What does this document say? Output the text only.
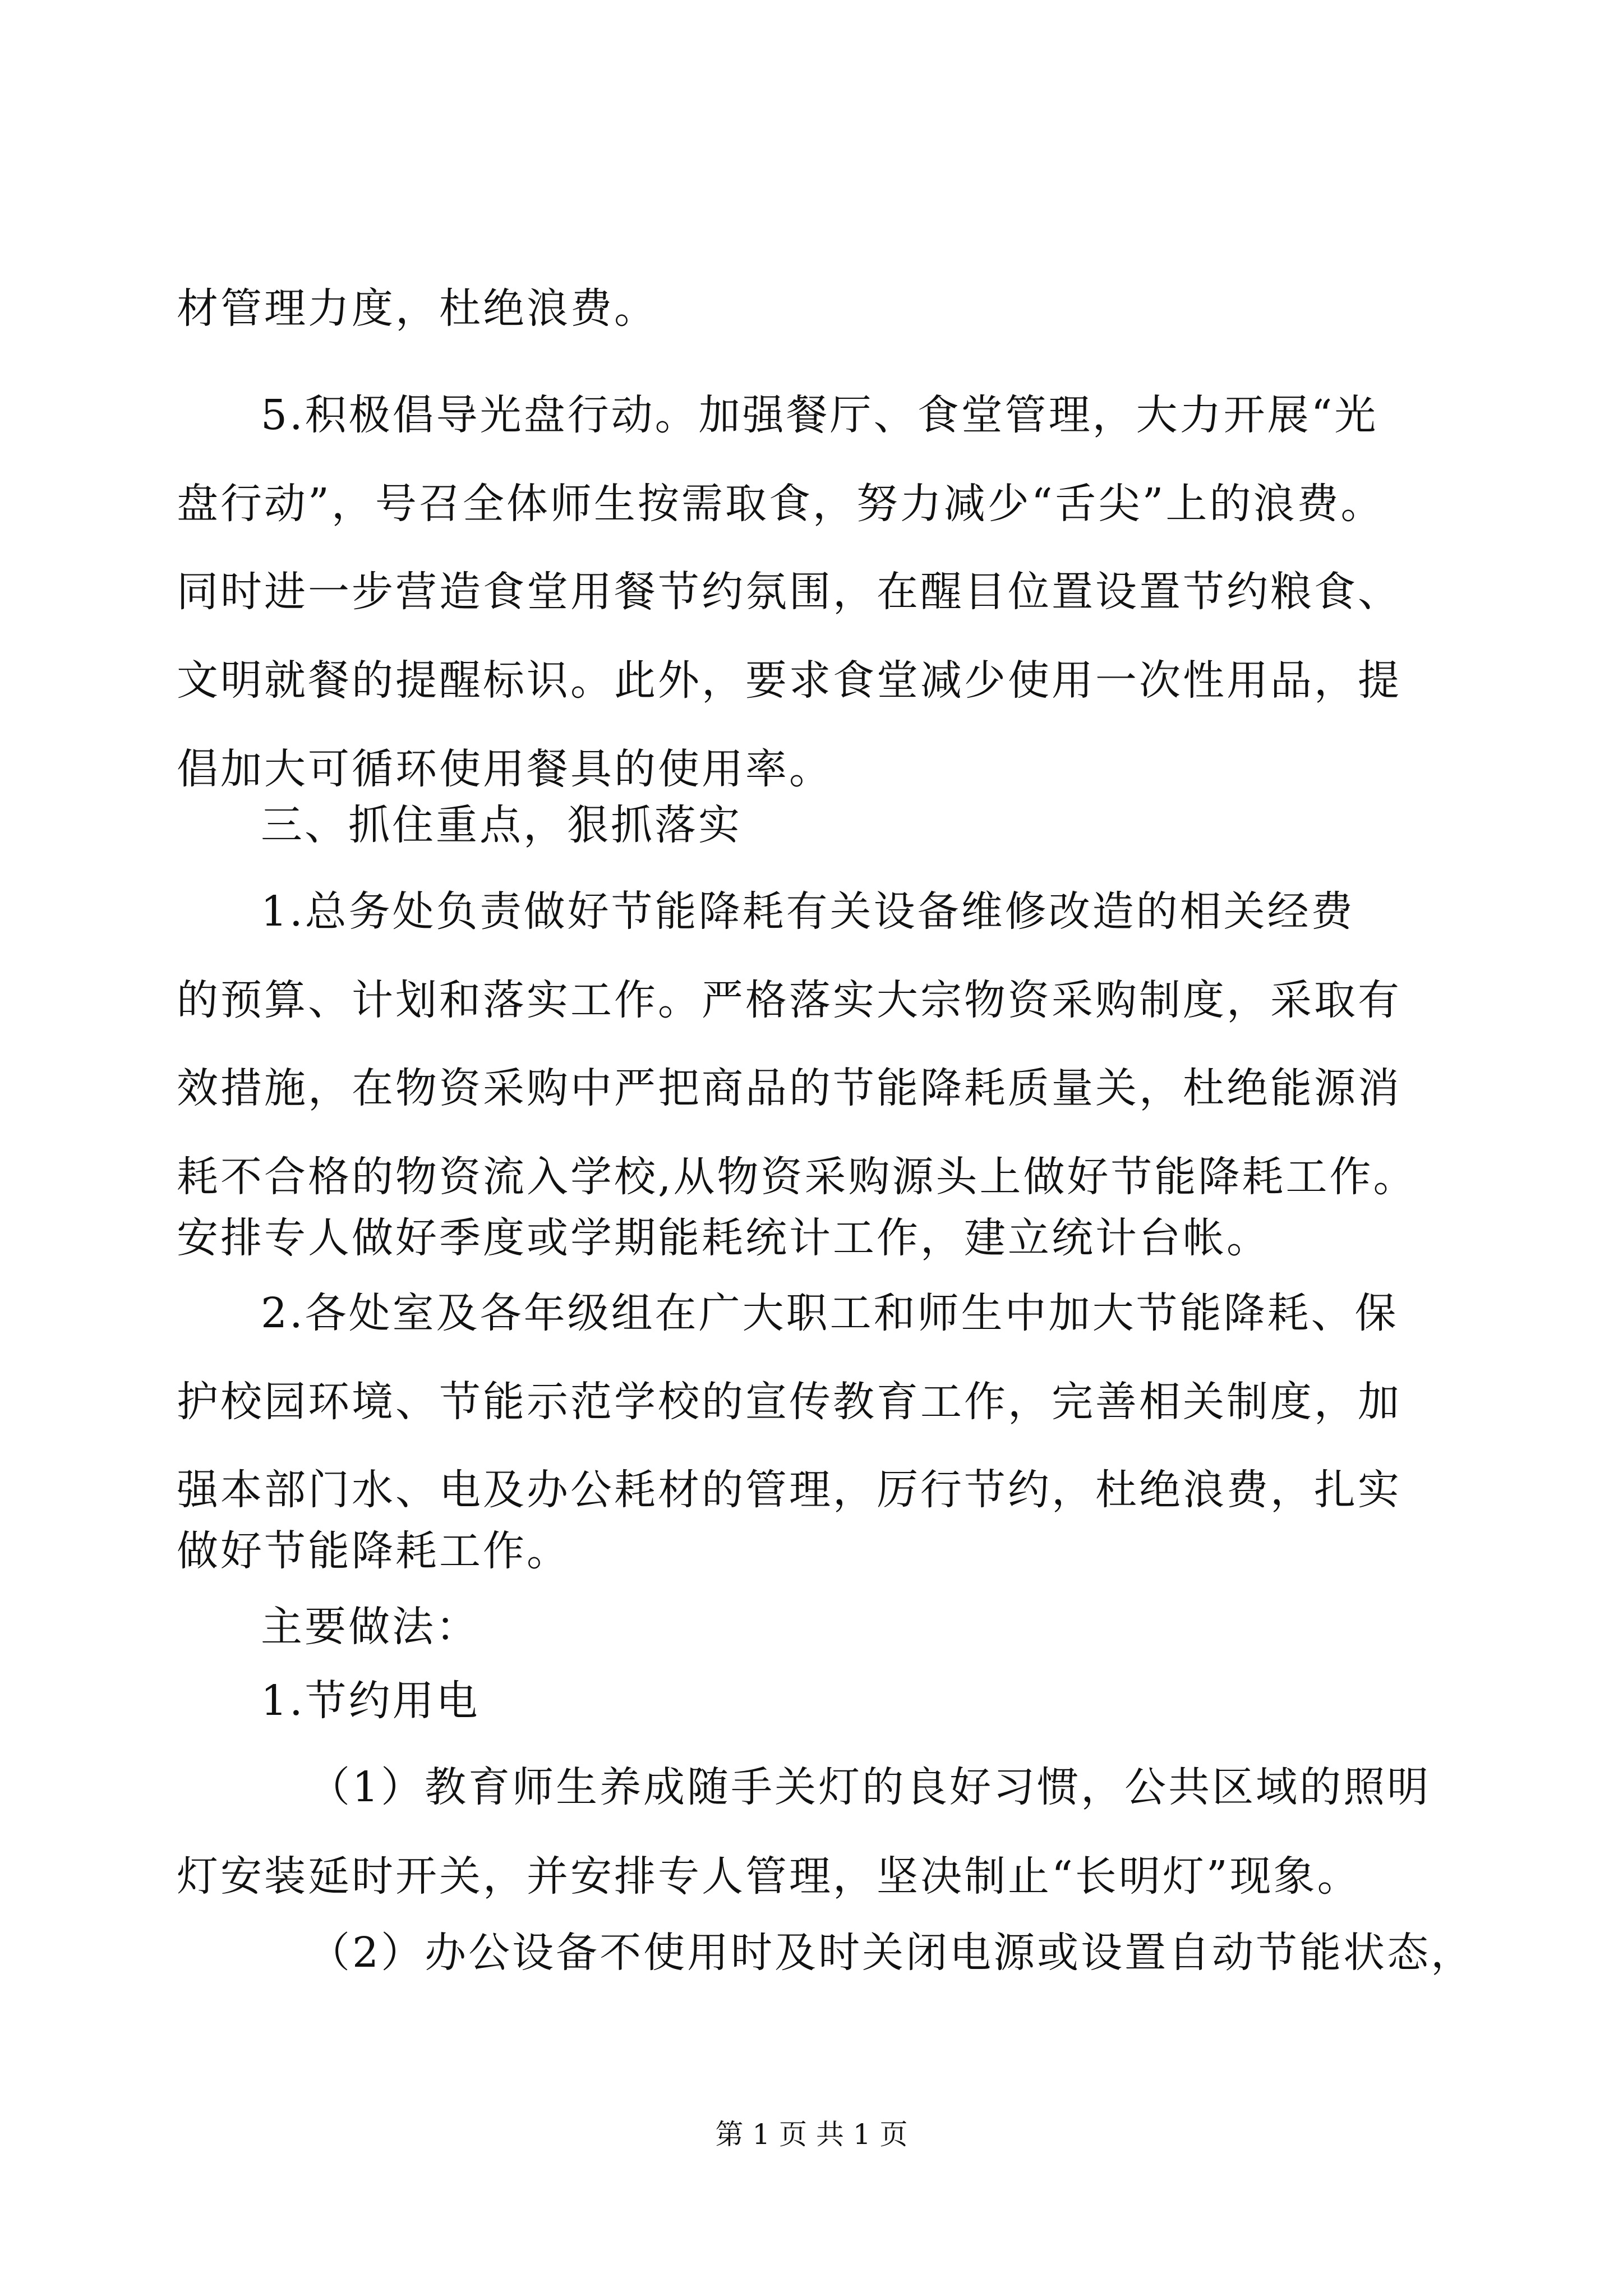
材管理力度，杜绝浪费。
5.积极倡导光盘行动。加强餐厅、食堂管理，大力开展“光
盘行动”，号召全体师生按需取食，努力减少“舌尖”上的浪费。
同时进一步营造食堂用餐节约氛围，在醒目位置设置节约粮食、
文明就餐的提醒标识。此外，要求食堂减少使用一次性用品，提
倡加大可循环使用餐具的使用率。
三、抓住重点，狠抓落实
1.总务处负责做好节能降耗有关设备维修改造的相关经费
的预算、计划和落实工作。严格落实大宗物资采购制度，采取有
效措施，在物资采购中严把商品的节能降耗质量关，杜绝能源消
耗不合格的物资流入学校,从物资采购源头上做好节能降耗工作。
安排专人做好季度或学期能耗统计工作，建立统计台帐。
2.各处室及各年级组在广大职工和师生中加大节能降耗、保
护校园环境、节能示范学校的宣传教育工作，完善相关制度，加
强本部门水、电及办公耗材的管理，厉行节约，杜绝浪费，扎实
做好节能降耗工作。
主要做法：
1.节约用电
（1）教育师生养成随手关灯的良好习惯，公共区域的照明
灯安装延时开关，并安排专人管理，坚决制止“长明灯”现象。
（2）办公设备不使用时及时关闭电源或设置自动节能状态，
第 1 页 共 1 页
